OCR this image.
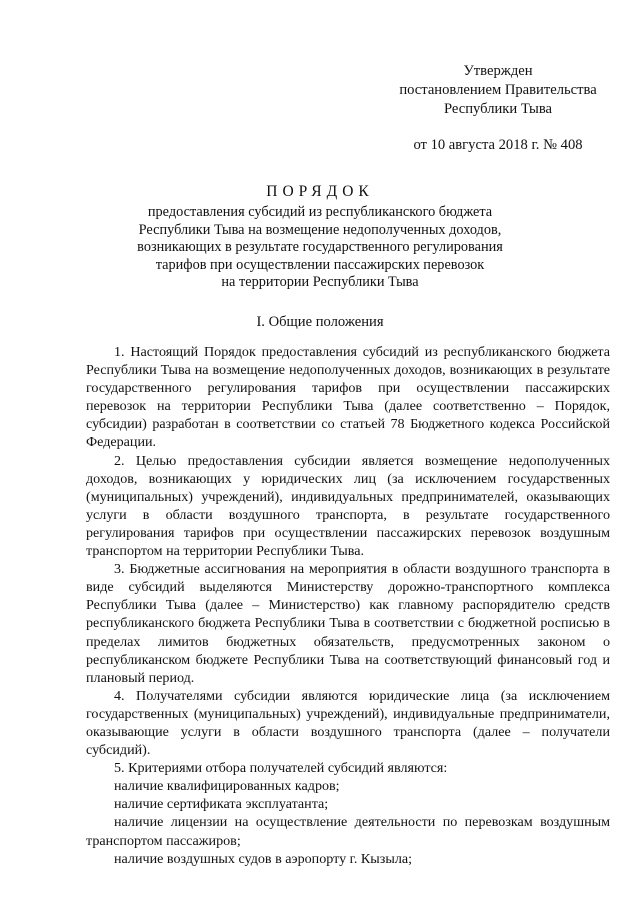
Утвержден
постановлением Правительства
Республики Тыва
от 10 августа 2018 г. № 408
ПОРЯДОК
предоставления субсидий из республиканского бюджета
Республики Тыва на возмещение недополученных доходов,
возникающих в результате государственного регулирования
тарифов при осуществлении пассажирских перевозок
на территории Республики Тыва
I. Общие положения

1. Настоящий Порядок предоставления субсидий из республиканского бюджета Республики Тыва на возмещение недополученных доходов, возникающих в результате государственного регулирования тарифов при осуществлении пассажирских перевозок на территории Республики Тыва (далее соответственно – Порядок, субсидии) разработан в соответствии со статьей 78 Бюджетного кодекса Российской Федерации.

2. Целью предоставления субсидии является возмещение недополученных доходов, возникающих у юридических лиц (за исключением государственных (муниципальных) учреждений), индивидуальных предпринимателей, оказывающих услуги в области воздушного транспорта, в результате государственного регулирования тарифов при осуществлении пассажирских перевозок воздушным транспортом на территории Республики Тыва.

3. Бюджетные ассигнования на мероприятия в области воздушного транспорта в виде субсидий выделяются Министерству дорожно-транспортного комплекса Республики Тыва (далее – Министерство) как главному распорядителю средств республиканского бюджета Республики Тыва в соответствии с бюджетной росписью в пределах лимитов бюджетных обязательств, предусмотренных законом о республиканском бюджете Республики Тыва на соответствующий финансовый год и плановый период.

4. Получателями субсидии являются юридические лица (за исключением государственных (муниципальных) учреждений), индивидуальные предприниматели, оказывающие услуги в области воздушного транспорта (далее – получатели субсидий).

5. Критериями отбора получателей субсидий являются:

наличие квалифицированных кадров;

наличие сертификата эксплуатанта;

наличие лицензии на осуществление деятельности по перевозкам воздушным транспортом пассажиров;

наличие воздушных судов в аэропорту г. Кызыла;
